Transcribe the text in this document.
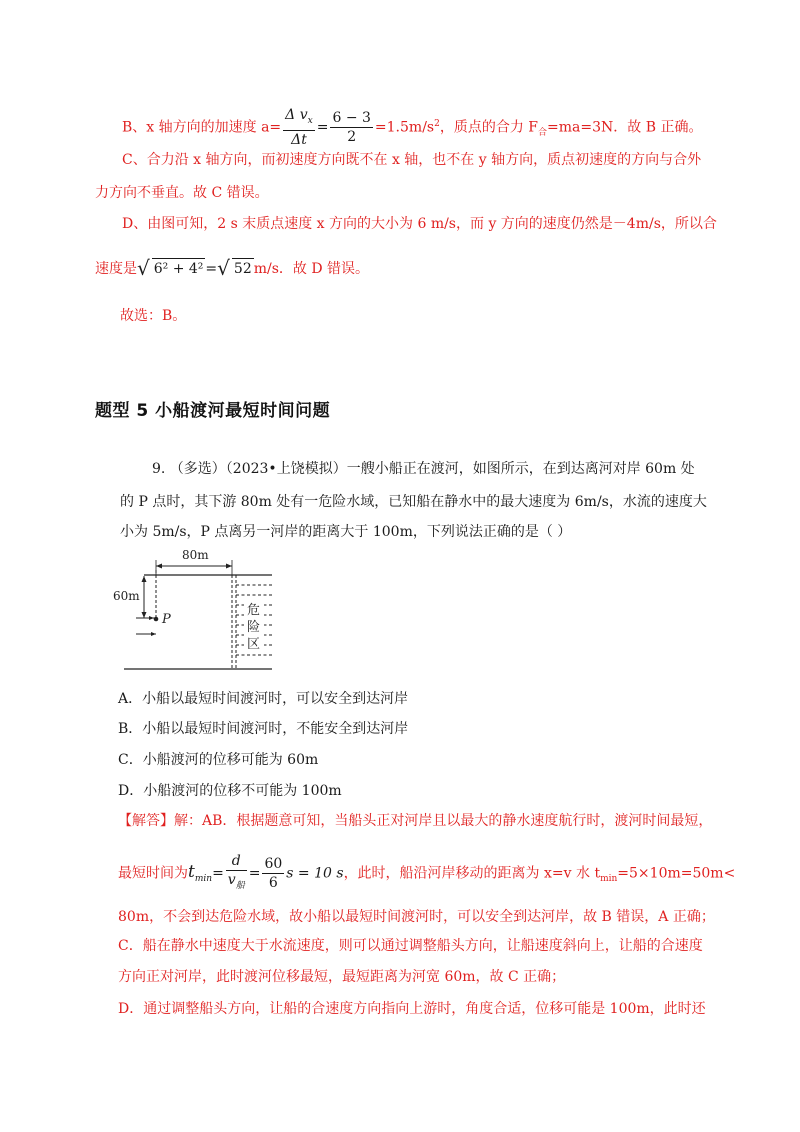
B、x 轴方向的加速度 $a= \frac{\Delta v_x}{\Delta t} = \frac{6 - 3}{2} =1.5m/s^2$，质点的合力 $F_合=ma=3N$．故 B 正确。
C、合力沿 x 轴方向，而初速度方向既不在 x 轴，也不在 y 轴方向，质点初速度的方向与合外
力方向不垂直。故 C 错误。
D、由图可知，2 s 末质点速度 x 方向的大小为 6 m/s，而 y 方向的速度仍然是－4m/s，所以合
速度是√ 6² + 4² =√ 52 m/s．故 D 错误。
故选：B。
题型 5 小船渡河最短时间问题
9. （多选）（2023•上饶模拟）一艘小船正在渡河，如图所示，在到达离河对岸 60m 处
的 P 点时，其下游 80m 处有一危险水域，已知船在静水中的最大速度为 6m/s，水流的速度大
小为 5m/s，P 点离另一河岸的距离大于 100m，下列说法正确的是（ ）
80m
60m
P
危
险
区
A．小船以最短时间渡河时，可以安全到达河岸
B．小船以最短时间渡河时，不能安全到达河岸
C．小船渡河的位移可能为 60m
D．小船渡河的位移不可能为 100m
【解答】解：AB．根据题意可知，当船头正对河岸且以最大的静水速度航行时，渡河时间最短，
最短时间为$t_{min}= \frac{d}{v_船} = \frac{60}{6}$ s = 10 s，此时，船沿河岸移动的距离为 x=v 水 $t_{min}=5\times 10m=50m<$
80m，不会到达危险水域，故小船以最短时间渡河时，可以安全到达河岸，故 B 错误，A 正确；
C．船在静水中速度大于水流速度，则可以通过调整船头方向，让船速度斜向上，让船的合速度
方向正对河岸，此时渡河位移最短，最短距离为河宽 60m，故 C 正确；
D．通过调整船头方向，让船的合速度方向指向上游时，角度合适，位移可能是 100m，此时还
